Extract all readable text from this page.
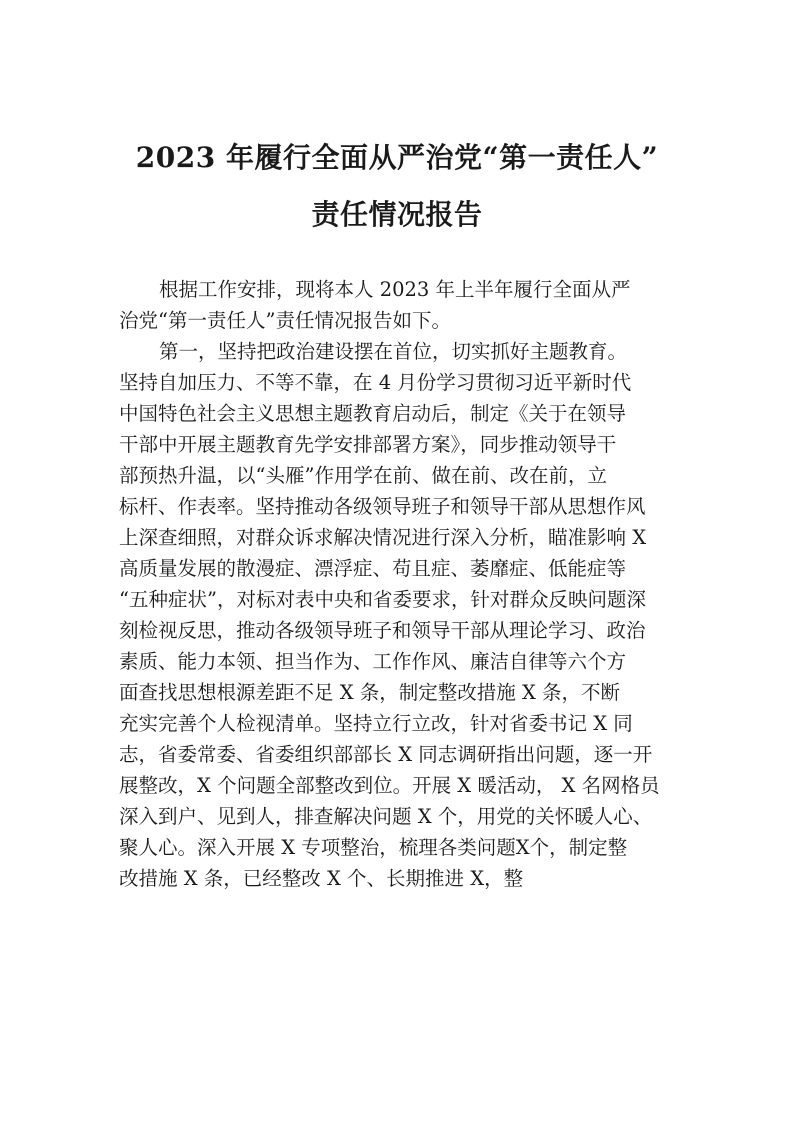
2023 年履行全面从严治党“第一责任人”
责任情况报告
根据工作安排，现将本人 2023 年上半年履行全面从严
治党“第一责任人”责任情况报告如下。
第一，坚持把政治建设摆在首位，切实抓好主题教育。
坚持自加压力、不等不靠，在 4 月份学习贯彻习近平新时代
中国特色社会主义思想主题教育启动后，制定《关于在领导
干部中开展主题教育先学安排部署方案》，同步推动领导干
部预热升温，以“头雁”作用学在前、做在前、改在前，立
标杆、作表率。坚持推动各级领导班子和领导干部从思想作风
上深查细照，对群众诉求解决情况进行深入分析，瞄准影响 X
高质量发展的散漫症、漂浮症、苟且症、萎靡症、低能症等
“五种症状”，对标对表中央和省委要求，针对群众反映问题深
刻检视反思，推动各级领导班子和领导干部从理论学习、政治
素质、能力本领、担当作为、工作作风、廉洁自律等六个方
面查找思想根源差距不足 X 条，制定整改措施 X 条，不断
充实完善个人检视清单。坚持立行立改，针对省委书记 X 同
志，省委常委、省委组织部部长 X 同志调研指出问题，逐一开
展整改，X 个问题全部整改到位。开展 X 暖活动， X 名网格员
深入到户、见到人，排查解决问题 X 个，用党的关怀暖人心、
聚人心。深入开展 X 专项整治，梳理各类问题X个，制定整
改措施 X 条，已经整改 X 个、长期推进 X，整
